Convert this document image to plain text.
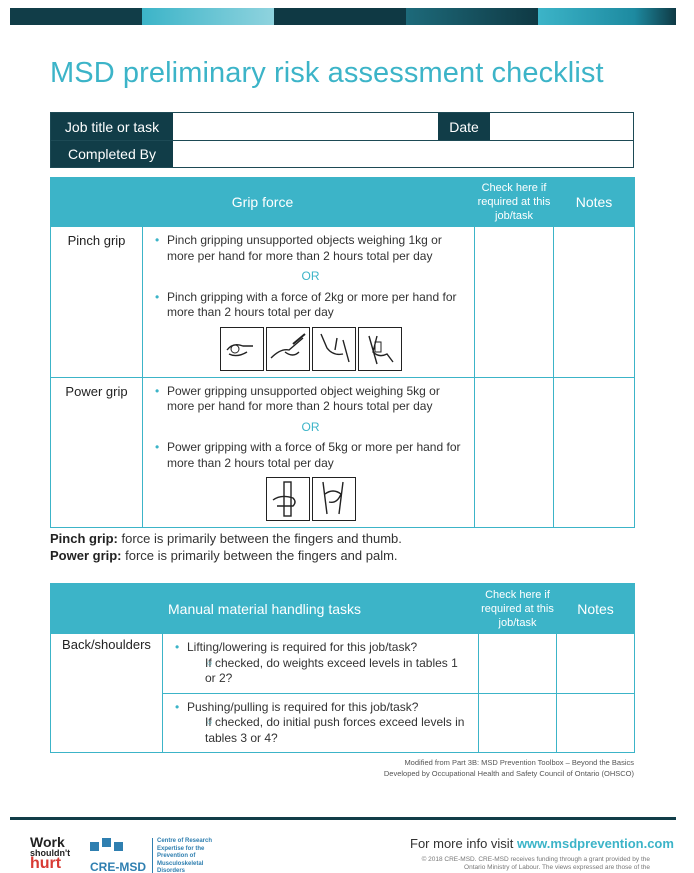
MSD preliminary risk assessment checklist
Job title or task	Date
Completed By
Grip force		Check here if required at this job/task	Notes
Pinch grip	• Pinch gripping unsupported objects weighing 1kg or more per hand for more than 2 hours total per day
OR
• Pinch gripping with a force of 2kg or more per hand for more than 2 hours total per day

Power grip	• Power gripping unsupported object weighing 5kg or more per hand for more than 2 hours total per day
OR
• Power gripping with a force of 5kg or more per hand for more than 2 hours total per day

Pinch grip: force is primarily between the fingers and thumb.
Power grip: force is primarily between the fingers and palm.
Manual material handling tasks		Check here if required at this job/task	Notes
Back/shoulders	• Lifting/lowering is required for this job/task?
○ If checked, do weights exceed levels in tables 1 or 2?

	• Pushing/pulling is required for this job/task?
○ If checked, do initial push forces exceed levels in tables 3 or 4?

Modified from Part 3B: MSD Prevention Toolbox – Beyond the Basics
Developed by Occupational Health and Safety Council of Ontario (OHSCO)
Work
shouldn't
hurt	CRE-MSD
Centre of Research Expertise for the Prevention of Musculoskeletal Disorders
For more info visit www.msdprevention.com
© 2018 CRE-MSD. CRE-MSD receives funding through a grant provided by the Ontario Ministry of Labour. The views expressed are those of the
